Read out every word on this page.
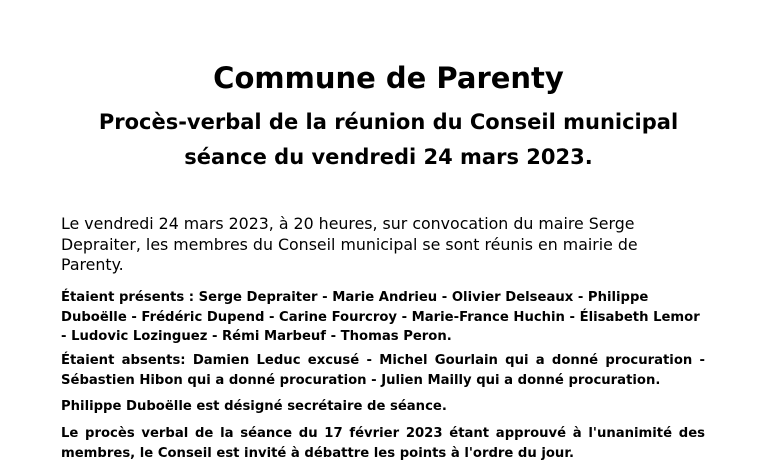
Commune de Parenty
Procès-verbal de la réunion du Conseil municipal
séance du vendredi 24 mars 2023.

Le vendredi 24 mars 2023, à 20 heures, sur convocation du maire Serge Depraiter, les membres du Conseil municipal se sont réunis en mairie de Parenty.

Étaient présents : Serge Depraiter - Marie Andrieu - Olivier Delseaux - Philippe Duboëlle - Frédéric Dupend - Carine Fourcroy - Marie-France Huchin - Élisabeth Lemor - Ludovic Lozinguez - Rémi Marbeuf - Thomas Peron.

Étaient absents: Damien Leduc excusé - Michel Gourlain qui a donné procuration - Sébastien Hibon qui a donné procuration - Julien Mailly qui a donné procuration.

Philippe Duboëlle est désigné secrétaire de séance.

Le procès verbal de la séance du 17 février 2023 étant approuvé à l'unanimité des membres, le Conseil est invité à débattre les points à l'ordre du jour.
